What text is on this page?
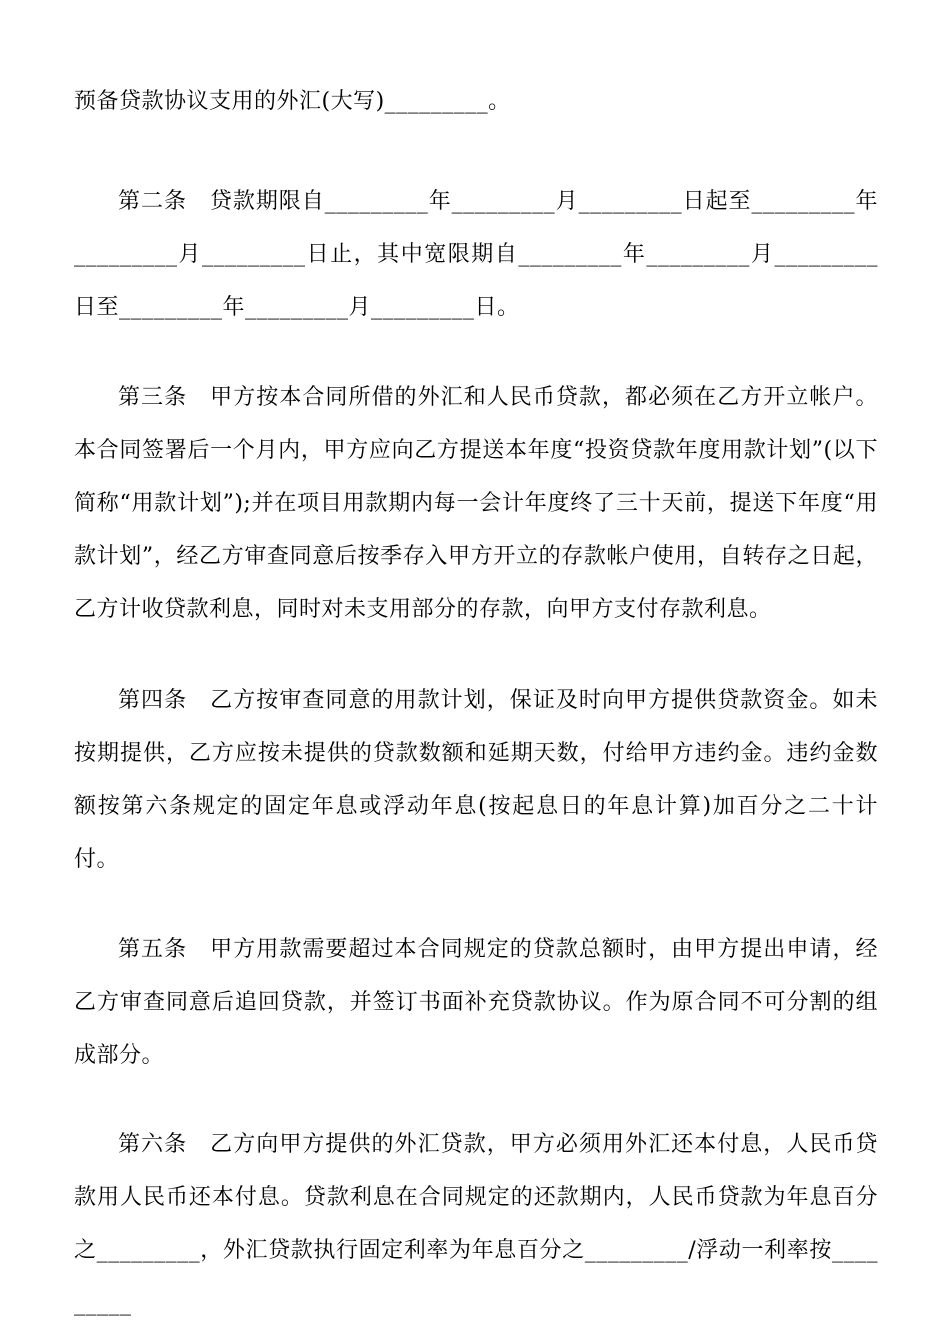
预备贷款协议支用的外汇(大写)_________。

第二条　贷款期限自_________年_________月_________日起至_________年_________月_________日止，其中宽限期自_________年_________月_________日至_________年_________月_________日。

第三条　甲方按本合同所借的外汇和人民币贷款，都必须在乙方开立帐户。本合同签署后一个月内，甲方应向乙方提送本年度“投资贷款年度用款计划”(以下简称“用款计划”);并在项目用款期内每一会计年度终了三十天前，提送下年度“用款计划”，经乙方审查同意后按季存入甲方开立的存款帐户使用，自转存之日起，乙方计收贷款利息，同时对未支用部分的存款，向甲方支付存款利息。

第四条　乙方按审查同意的用款计划，保证及时向甲方提供贷款资金。如未按期提供，乙方应按未提供的贷款数额和延期天数，付给甲方违约金。违约金数额按第六条规定的固定年息或浮动年息(按起息日的年息计算)加百分之二十计付。

第五条　甲方用款需要超过本合同规定的贷款总额时，由甲方提出申请，经乙方审查同意后追回贷款，并签订书面补充贷款协议。作为原合同不可分割的组成部分。

第六条　乙方向甲方提供的外汇贷款，甲方必须用外汇还本付息，人民币贷款用人民币还本付息。贷款利息在合同规定的还款期内，人民币贷款为年息百分之_________，外汇贷款执行固定利率为年息百分之_________/浮动一利率按_________
